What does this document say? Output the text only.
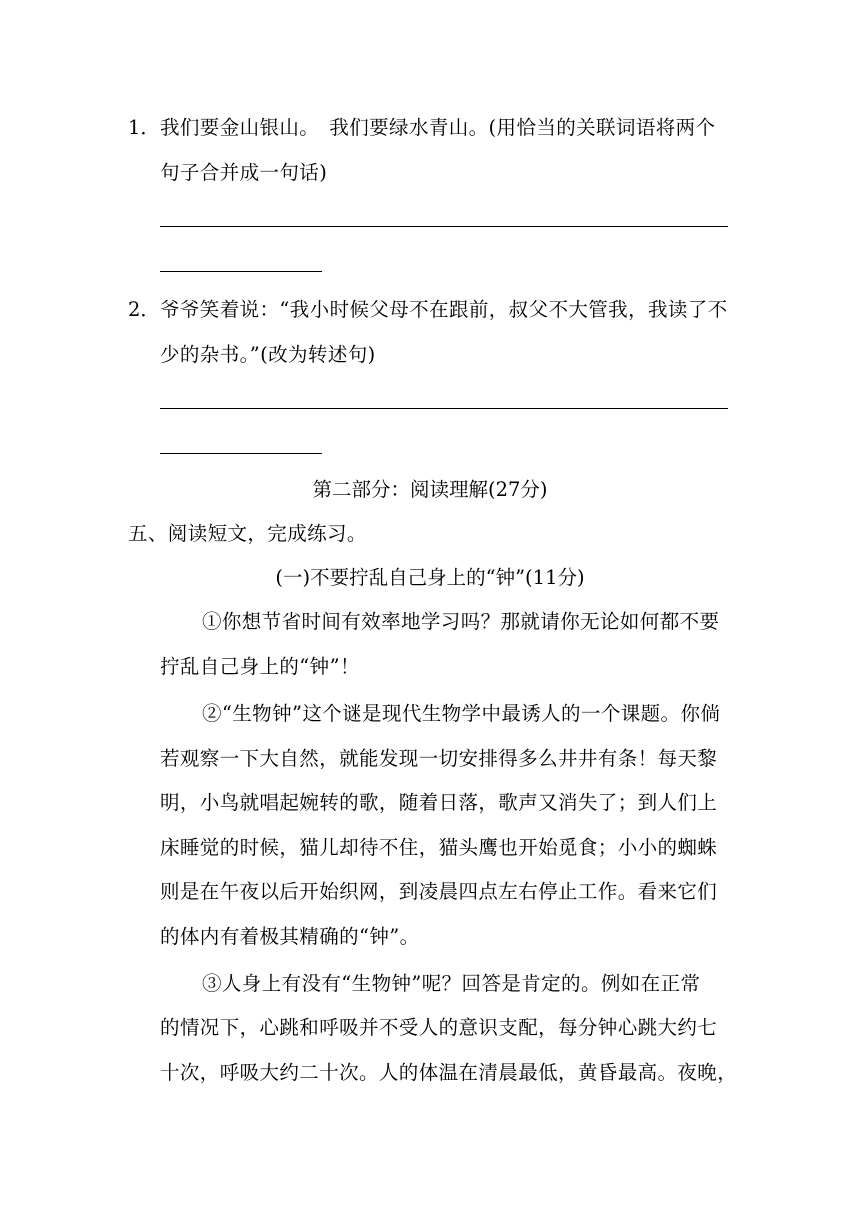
1． 我们要金山银山。　我们要绿水青山。(用恰当的关联词语将两个
句子合并成一句话)
2． 爷爷笑着说：“我小时候父母不在跟前，叔父不大管我，我读了不
少的杂书。”(改为转述句)
第二部分：阅读理解(27分)
五、阅读短文，完成练习。
(一)不要拧乱自己身上的“钟”(11分)
①你想节省时间有效率地学习吗？那就请你无论如何都不要
拧乱自己身上的“钟”！
②“生物钟”这个谜是现代生物学中最诱人的一个课题。你倘
若观察一下大自然，就能发现一切安排得多么井井有条！每天黎
明，小鸟就唱起婉转的歌，随着日落，歌声又消失了；到人们上
床睡觉的时候，猫儿却待不住，猫头鹰也开始觅食；小小的蜘蛛
则是在午夜以后开始织网，到凌晨四点左右停止工作。看来它们
的体内有着极其精确的“钟”。
③人身上有没有“生物钟”呢？回答是肯定的。例如在正常
的情况下，心跳和呼吸并不受人的意识支配，每分钟心跳大约七
十次，呼吸大约二十次。人的体温在清晨最低，黄昏最高。夜晚，
